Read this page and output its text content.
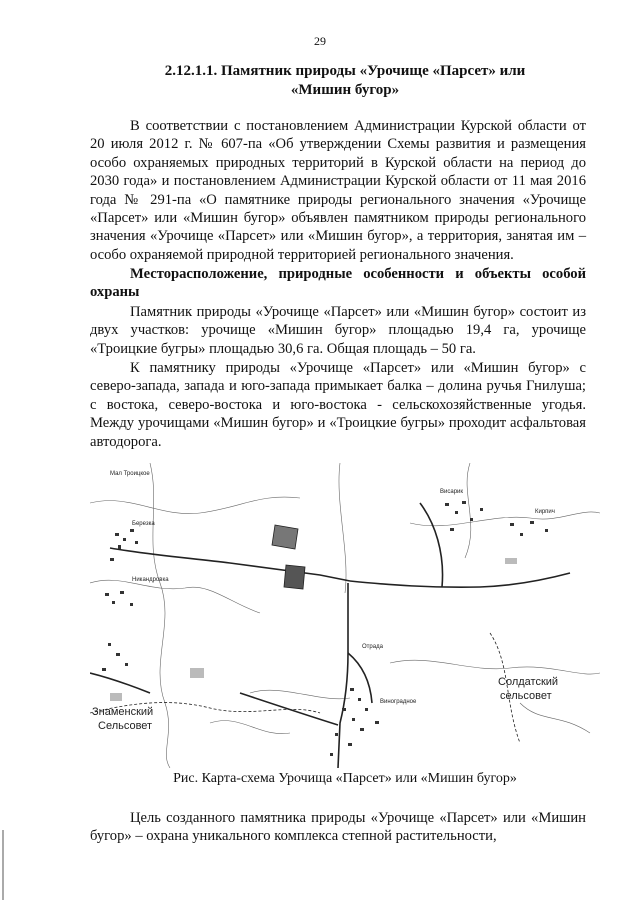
29
2.12.1.1. Памятник природы «Урочище «Парсет» или
«Мишин бугор»

В соответствии с постановлением Администрации Курской области от 20 июля 2012 г. № 607-па «Об утверждении Схемы развития и размещения особо охраняемых природных территорий в Курской области на период до 2030 года» и постановлением Администрации Курской области от 11 мая 2016 года № 291-па «О памятнике природы регионального значения «Урочище «Парсет» или «Мишин бугор» объявлен памятником природы регионального значения «Урочище «Парсет» или «Мишин бугор», а территория, занятая им – особо охраняемой природной территорией регионального значения.

Месторасположение, природные особенности и объекты особой охраны

Памятник природы «Урочище «Парсет» или «Мишин бугор» состоит из двух участков: урочище «Мишин бугор» площадью 19,4 га, урочище «Троицкие бугры» площадью 30,6 га. Общая площадь – 50 га.

К памятнику природы «Урочище «Парсет» или «Мишин бугор» с северо-запада, запада и юго-запада примыкает балка – долина ручья Гнилуша; с востока, северо-востока и юго-востока - сельскохозяйственные угодья. Между урочищами «Мишин бугор» и «Троицкие бугры» проходит асфальтовая автодорога.

Мал Троицкое
Березка
Никандровка
Отрада
Виноградное
Висарик
Кирпич
Знаменский
Сельсовет
Солдатский
сельсовет
Рис. Карта-схема Урочища «Парсет» или «Мишин бугор»

Цель созданного памятника природы «Урочище «Парсет» или «Мишин бугор» – охрана уникального комплекса степной растительности,
